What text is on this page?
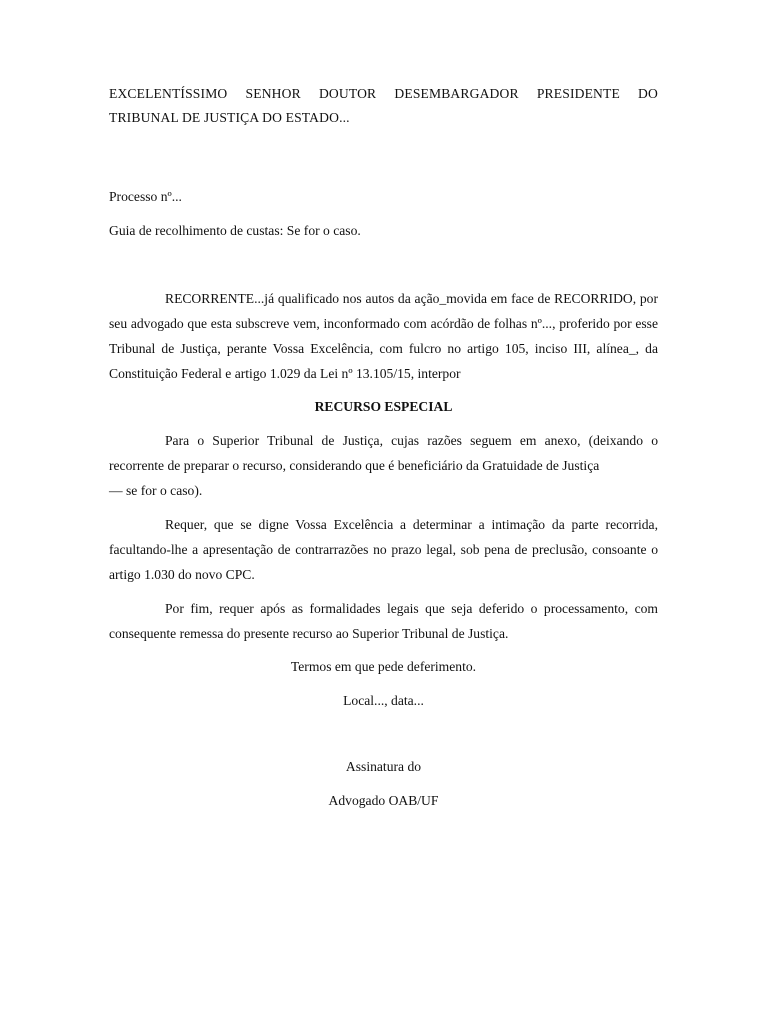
EXCELENTÍSSIMO SENHOR DOUTOR DESEMBARGADOR PRESIDENTE DO TRIBUNAL DE JUSTIÇA DO ESTADO...

Processo nº...

Guia de recolhimento de custas: Se for o caso.

RECORRENTE...já qualificado nos autos da ação_movida em face de RECORRIDO, por seu advogado que esta subscreve vem, inconformado com acórdão de folhas nº..., proferido por esse Tribunal de Justiça, perante Vossa Excelência, com fulcro no artigo 105, inciso III, alínea_, da Constituição Federal e artigo 1.029 da Lei nº 13.105/15, interpor

RECURSO ESPECIAL

Para o Superior Tribunal de Justiça, cujas razões seguem em anexo, (deixando o recorrente de preparar o recurso, considerando que é beneficiário da Gratuidade de Justiça
— se for o caso).

Requer, que se digne Vossa Excelência a determinar a intimação da parte recorrida, facultando-lhe a apresentação de contrarrazões no prazo legal, sob pena de preclusão, consoante o artigo 1.030 do novo CPC.

Por fim, requer após as formalidades legais que seja deferido o processamento, com consequente remessa do presente recurso ao Superior Tribunal de Justiça.

Termos em que pede deferimento.

Local..., data...

Assinatura do

Advogado OAB/UF
